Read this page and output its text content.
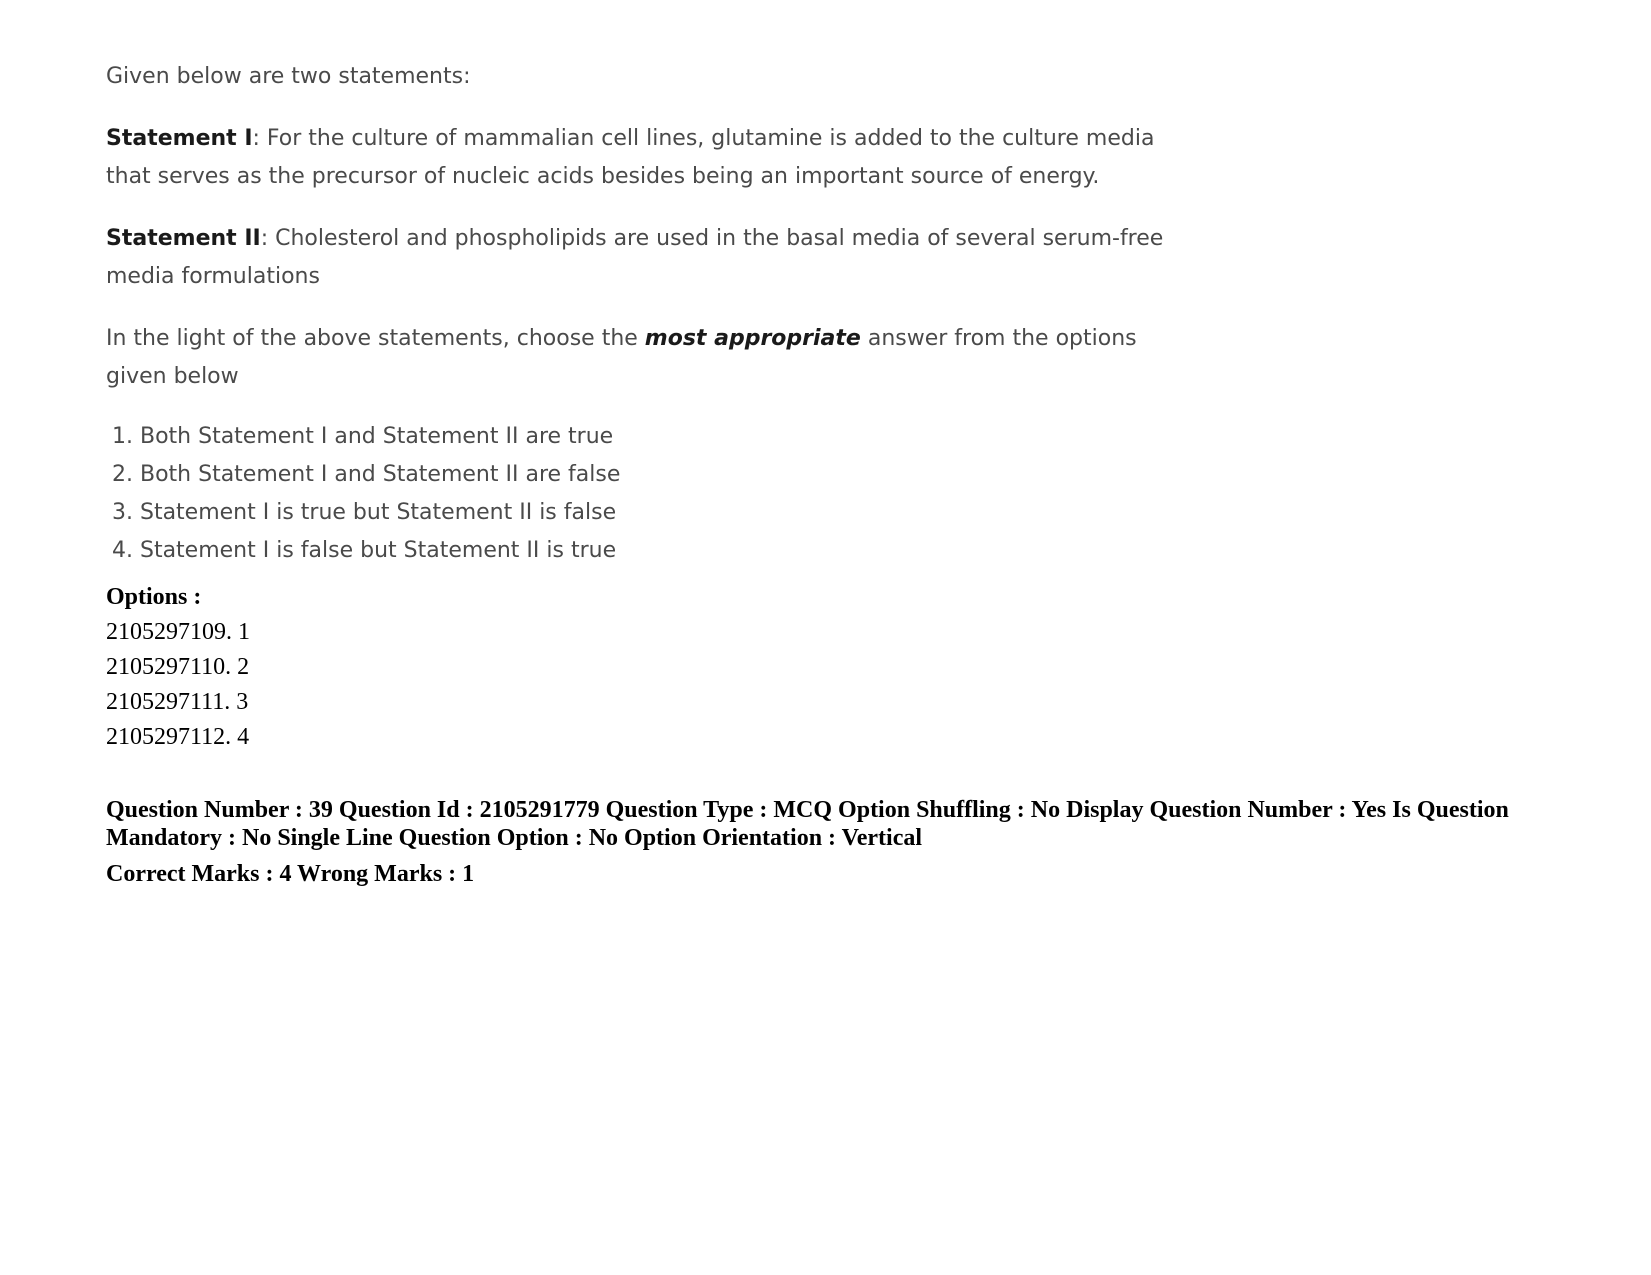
Given below are two statements:

Statement I: For the culture of mammalian cell lines, glutamine is added to the culture media that serves as the precursor of nucleic acids besides being an important source of energy.

Statement II: Cholesterol and phospholipids are used in the basal media of several serum-free media formulations

In the light of the above statements, choose the most appropriate answer from the options given below

1. Both Statement I and Statement II are true
2. Both Statement I and Statement II are false
3. Statement I is true but Statement II is false
4. Statement I is false but Statement II is true
Options :
2105297109. 1
2105297110. 2
2105297111. 3
2105297112. 4
Question Number : 39 Question Id : 2105291779 Question Type : MCQ Option Shuffling : No Display Question Number : Yes Is Question Mandatory : No Single Line Question Option : No Option Orientation : Vertical
Correct Marks : 4 Wrong Marks : 1
